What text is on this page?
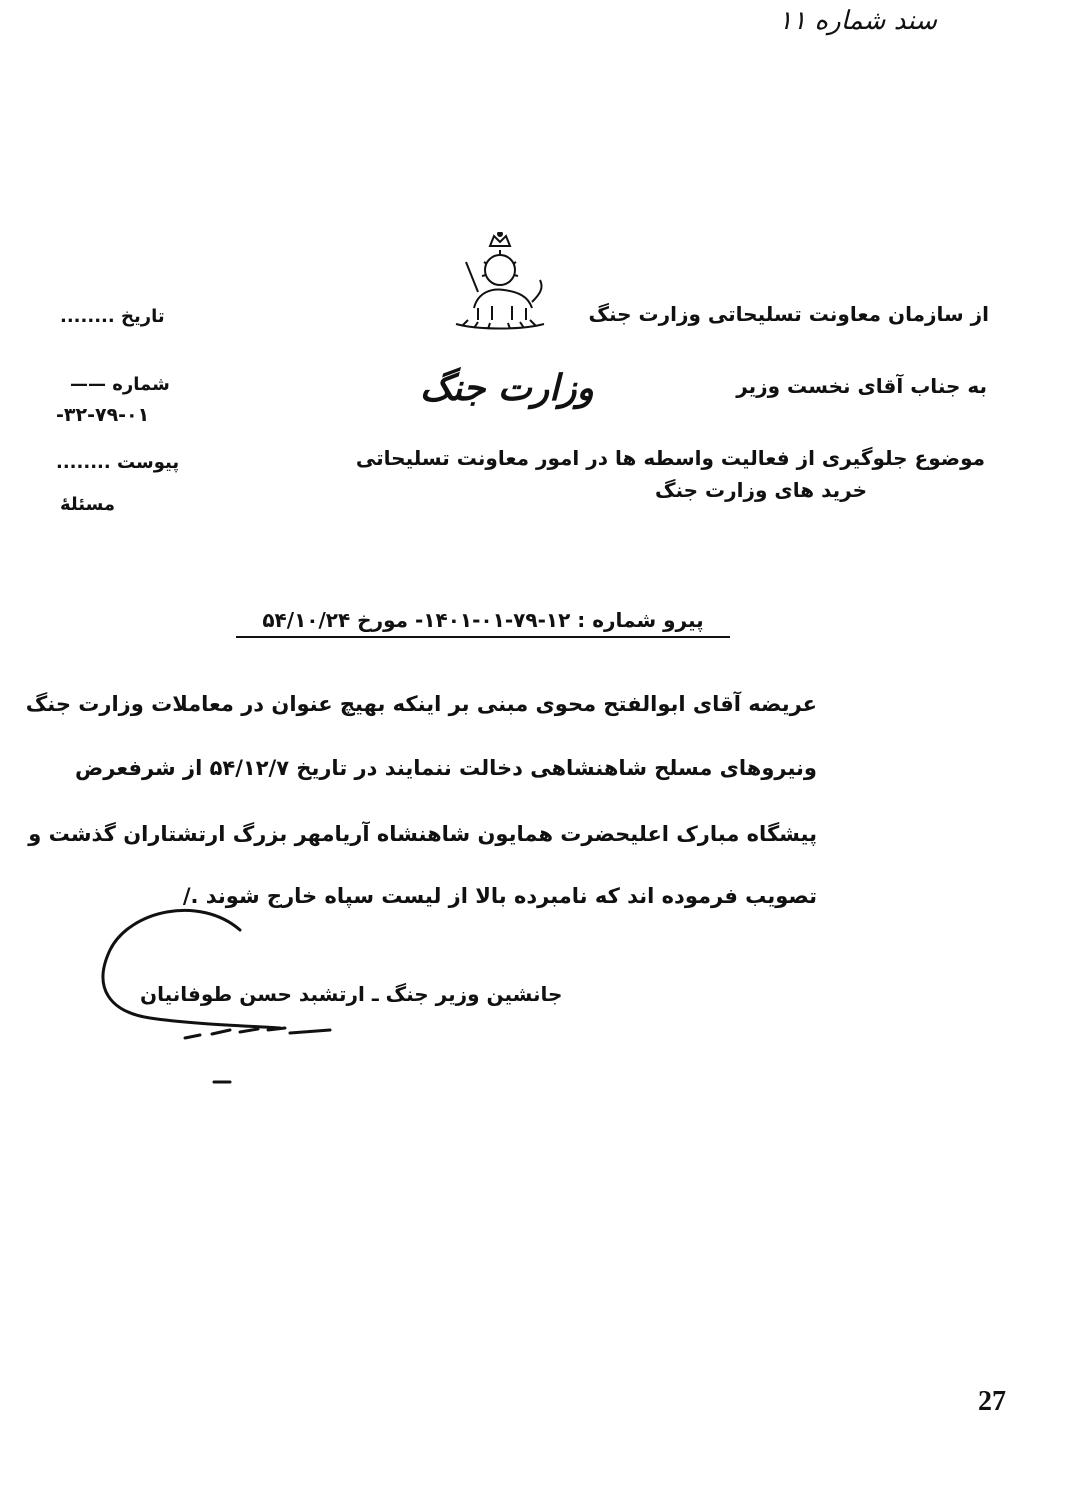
سند شماره ۱۱
از سازمان معاونت تسلیحاتی وزارت جنگ
وزارت جنگ	به جناب آقای نخست وزیر
موضوع جلوگیری از فعالیت واسطه ها در امور معاونت تسلیحاتی
خرید های وزارت جنگ
تاریخ ........
شماره ——
۳۲-۷۹-۰۱-
پیوست ........
مسئلهٔ
پیرو شماره : ۱۲-۷۹-۰۱-۱۴۰۱- مورخ ۵۴/۱۰/۲۴
عریضه آقای ابوالفتح محوی مبنی بر اینکه بهیچ عنوان در معاملات وزارت جنگ
ونیروهای مسلح شاهنشاهی دخالت ننمایند در تاریخ ۵۴/۱۲/۷ از شرفعرض
پیشگاه مبارک اعلیحضرت همایون شاهنشاه آریامهر بزرگ ارتشتاران گذشت و
تصویب فرموده اند که نامبرده بالا از لیست سپاه خارج شوند ./
جانشین وزیر جنگ ـ ارتشبد حسن طوفانیان
27
